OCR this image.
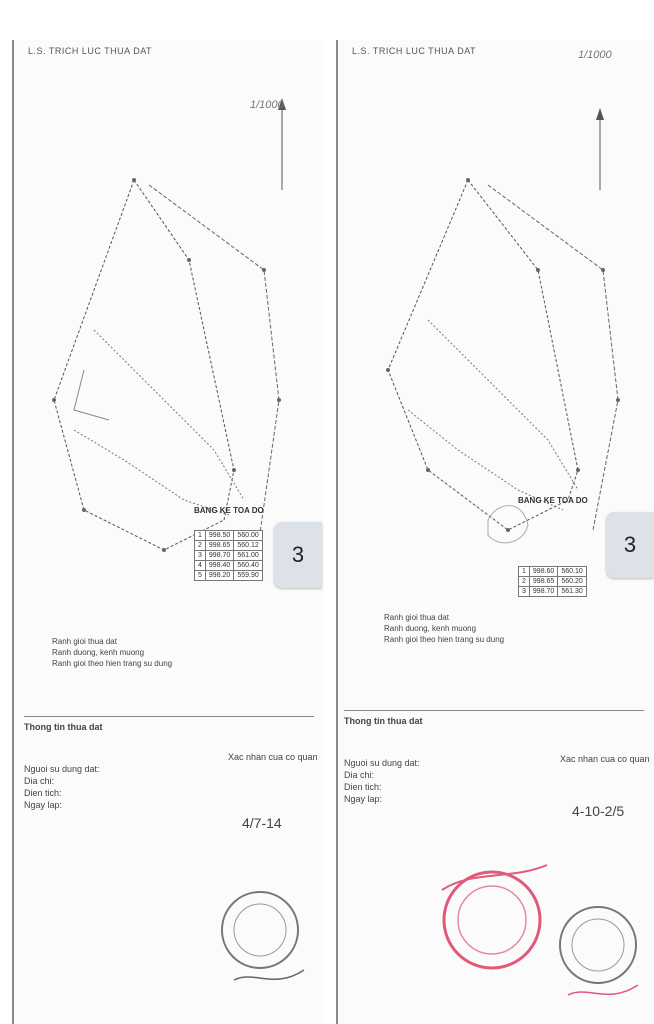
L.S. TRICH LUC THUA DAT
1/1000
BANG KE TOA DO
1	998.50	560.00
2	998.65	560.12
3	998.70	561.00
4	998.40	560.40
5	998.20	559.90
Ranh gioi thua dat
Ranh duong, kenh muong
Ranh gioi theo hien trang su dung
Thong tin thua dat
Nguoi su dung dat:
Dia chi:
Dien tich:
Ngay lap:
Xac nhan cua co quan
4/7-14
3
L.S. TRICH LUC THUA DAT	1/1000
BANG KE TOA DO
1	998.60	560.10
2	998.65	560.20
3	998.70	561.30
Ranh gioi thua dat
Ranh duong, kenh muong
Ranh gioi theo hien trang su dung
Thong tin thua dat
Nguoi su dung dat:
Dia chi:
Dien tich:
Ngay lap:
Xac nhan cua co quan
4-10-2/5
3
